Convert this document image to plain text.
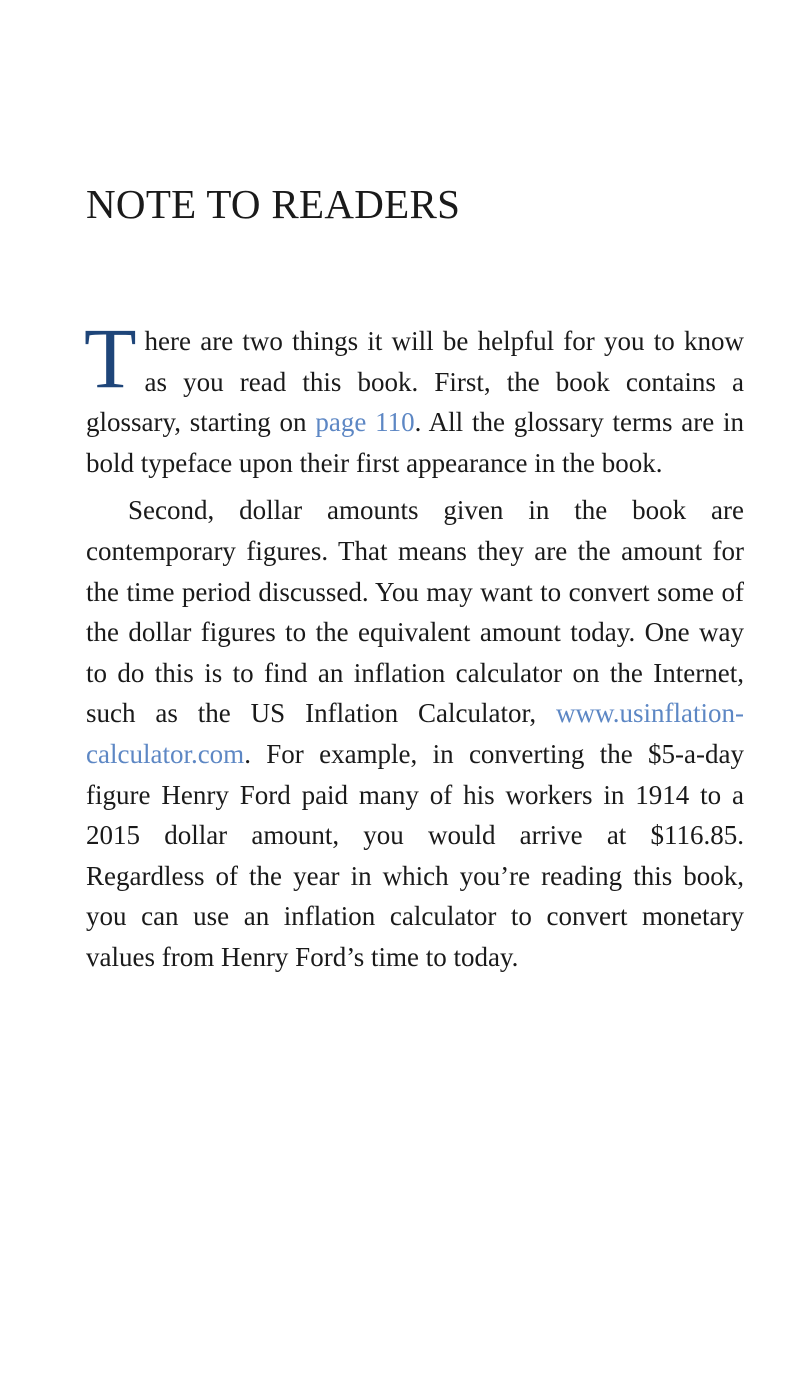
NOTE TO READERS

There are two things it will be helpful for you to know as you read this book. First, the book contains a glossary, starting on page 110. All the glossary terms are in bold typeface upon their first appearance in the book.

Second, dollar amounts given in the book are contemporary figures. That means they are the amount for the time period discussed. You may want to convert some of the dollar figures to the equivalent amount today. One way to do this is to find an inflation calculator on the Internet, such as the US Inflation Calculator, www.usinflation-calculator.com. For example, in converting the $5-a-day figure Henry Ford paid many of his workers in 1914 to a 2015 dollar amount, you would arrive at $116.85. Regardless of the year in which you’re reading this book, you can use an inflation calculator to convert monetary values from Henry Ford’s time to today.
